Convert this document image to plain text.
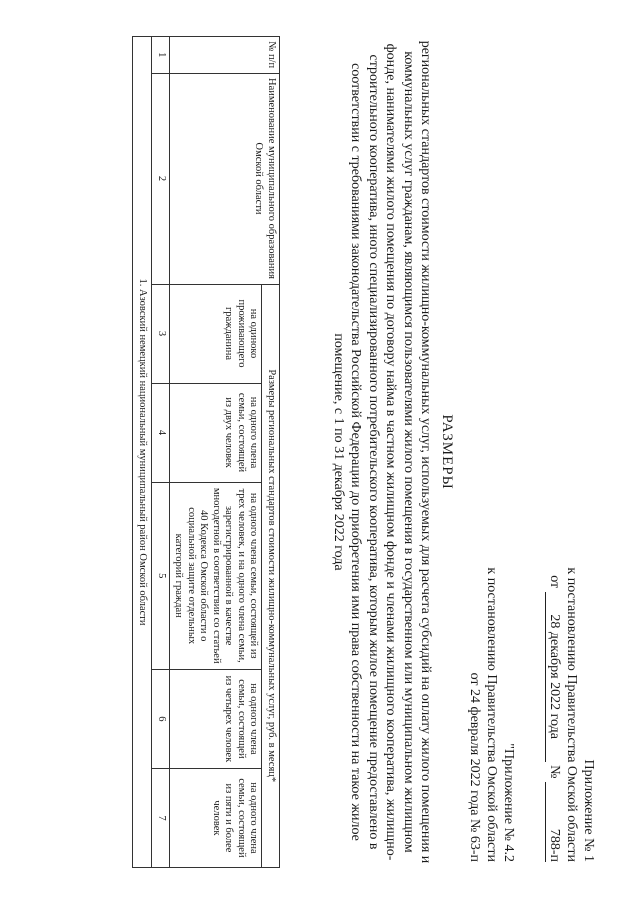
Приложение № 1
к постановлению Правительства Омской области
от 28 декабря 2022 года № 788-п
"Приложение № 4.2
к постановлению Правительства Омской области
от 24 февраля 2022 года № 63-п
РАЗМЕРЫ
региональных стандартов стоимости жилищно-коммунальных услуг, используемых для расчета субсидий на оплату жилого помещения и коммунальных услуг гражданам, являющимся пользователями жилого помещения в государственном или муниципальном жилищном фонде, нанимателями жилого помещения по договору найма в частном жилищном фонде и членами жилищного кооператива, жилищно-строительного кооператива, иного специализированного потребительского кооператива, которым жилое помещение предоставлено в соответствии с требованиями законодательства Российской Федерации до приобретения ими права собственности на такое жилое помещение, с 1 по 31 декабря 2022 года
№ п/п	Наименование муниципального образования Омской области	Размеры региональных стандартов стоимости жилищно-коммунальных услуг, руб. в месяц*				
		на одиноко проживающего гражданина	на одного члена семьи, состоящей из двух человек	на одного члена семьи, состоящей из трех человек, и на одного члена семьи, зарегистрированной в качестве многодетной в соответствии со статьей 40 Кодекса Омской области о социальной защите отдельных категорий граждан	на одного члена семьи, состоящей из четырех человек	на одного члена семьи, состоящей из пяти и более человек
1	2	3	4	5	6	7
1. Азовский немецкий национальный муниципальный район Омской области						
